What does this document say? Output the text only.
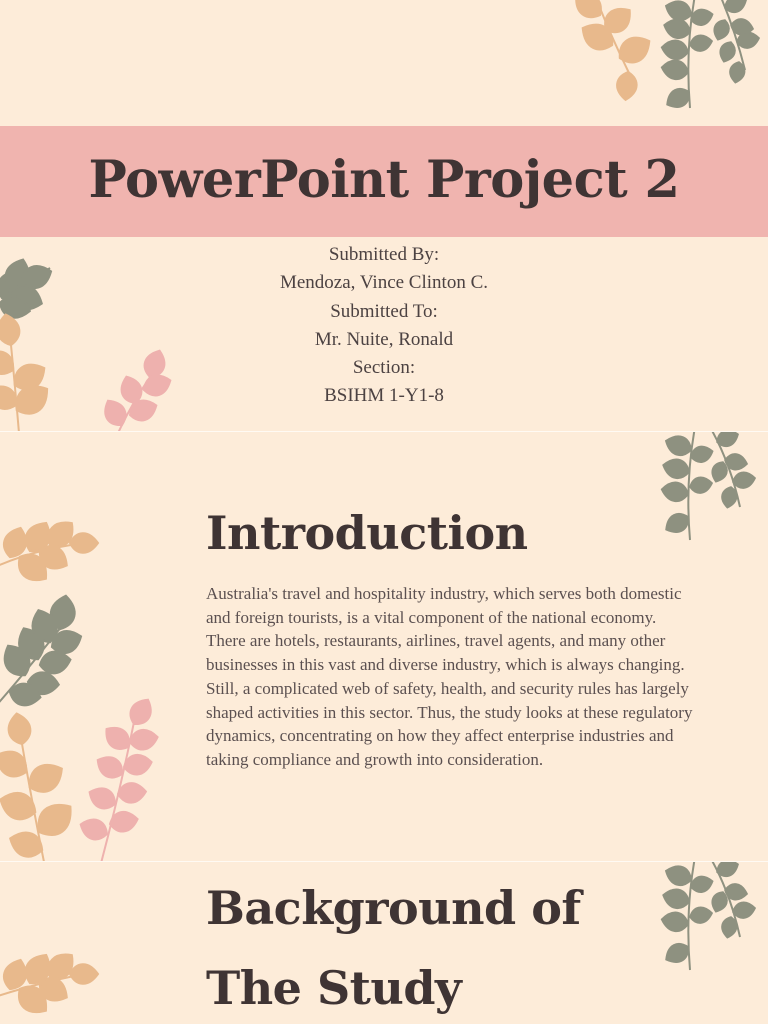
PowerPoint Project 2
Submitted By:
Mendoza, Vince Clinton C.
Submitted To:
Mr. Nuite, Ronald
Section:
BSIHM 1-Y1-8
Introduction
Australia's travel and hospitality industry, which serves both domestic and foreign tourists, is a vital component of the national economy. There are hotels, restaurants, airlines, travel agents, and many other businesses in this vast and diverse industry, which is always changing. Still, a complicated web of safety, health, and security rules has largely shaped activities in this sector. Thus, the study looks at these regulatory dynamics, concentrating on how they affect enterprise industries and taking compliance and growth into consideration.
Background of
The Study
